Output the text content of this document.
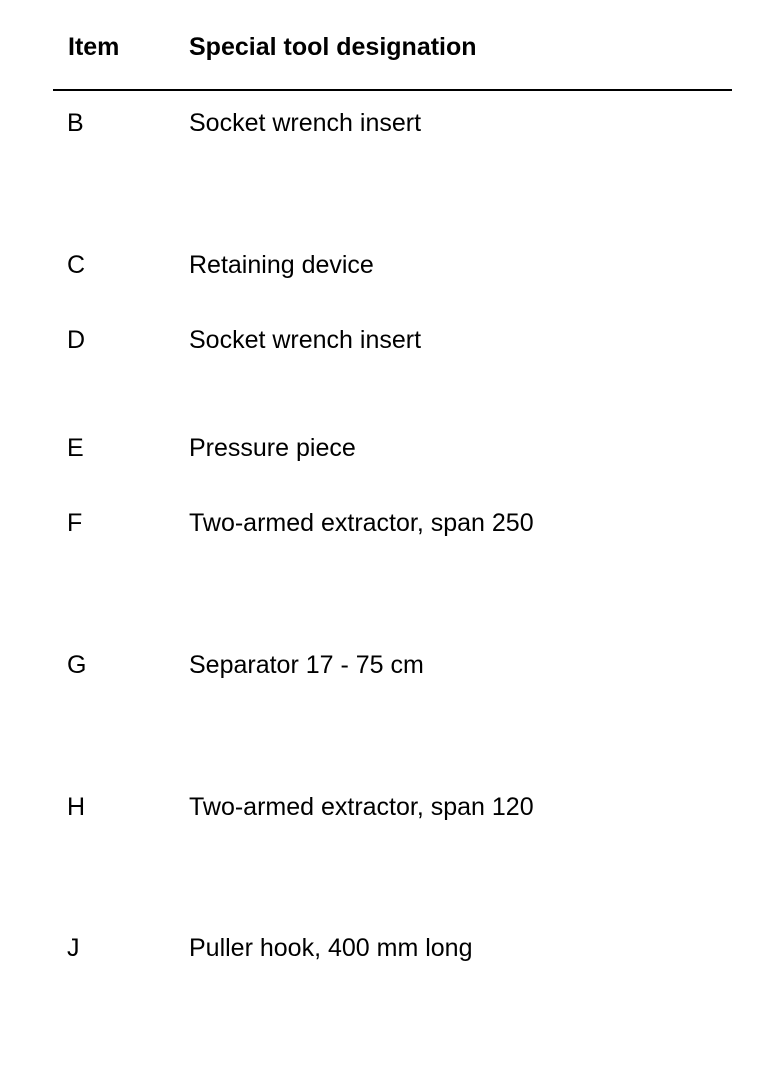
Item	Special tool designation
B	Socket wrench insert
C	Retaining device
D	Socket wrench insert
E	Pressure piece
F	Two-armed extractor, span 250
G	Separator 17 - 75 cm
H	Two-armed extractor, span 120
J	Puller hook, 400 mm long
